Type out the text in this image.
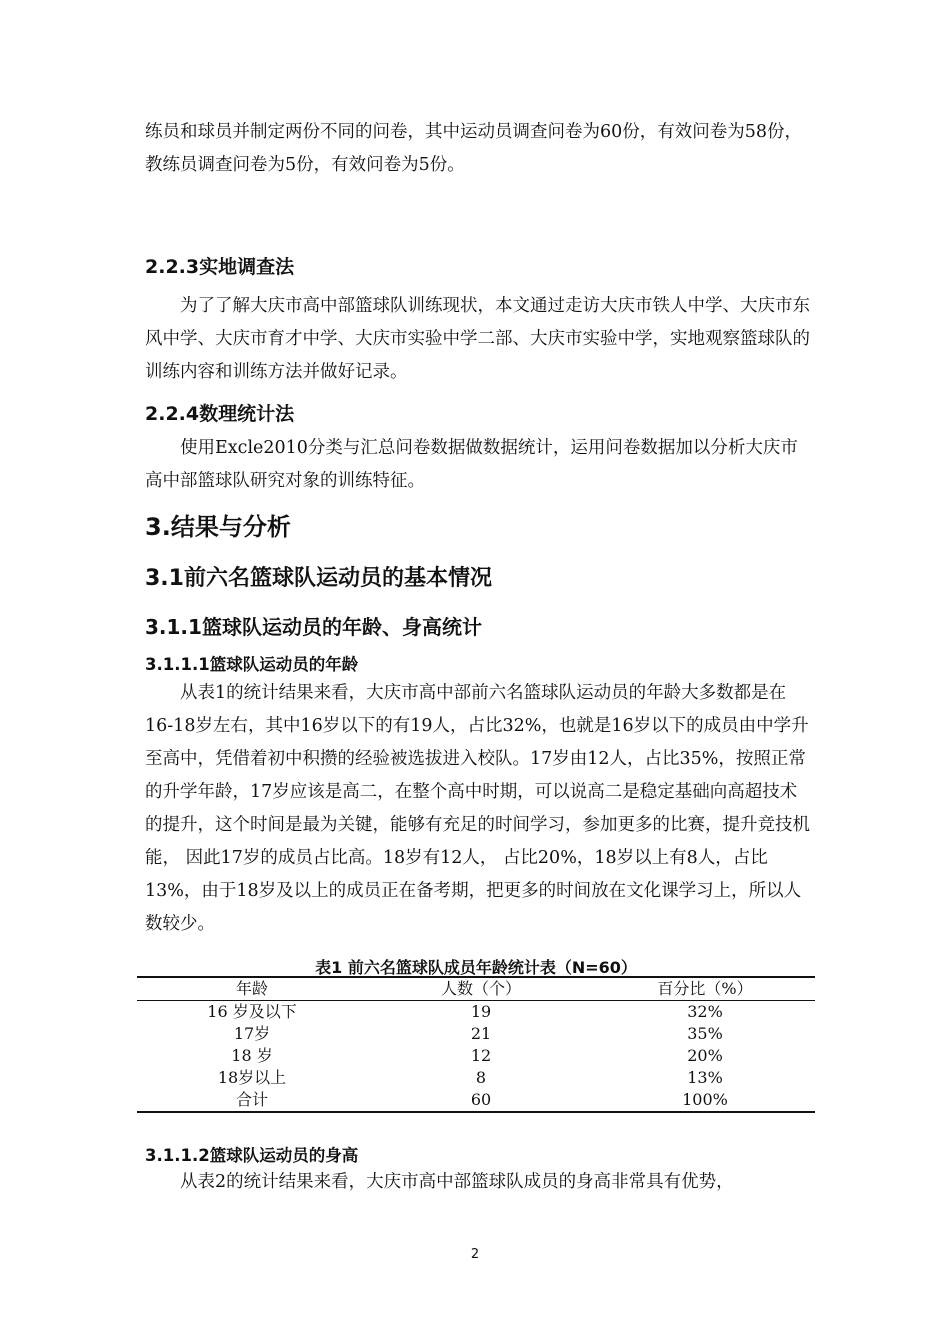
练员和球员并制定两份不同的问卷，其中运动员调查问卷为60份，有效问卷为58份，教练员调查问卷为5份，有效问卷为5份。

2.2.3实地调查法

为了了解大庆市高中部篮球队训练现状，本文通过走访大庆市铁人中学、大庆市东风中学、大庆市育才中学、大庆市实验中学二部、大庆市实验中学，实地观察篮球队的训练内容和训练方法并做好记录。

2.2.4数理统计法

使用Excle2010分类与汇总问卷数据做数据统计，运用问卷数据加以分析大庆市高中部篮球队研究对象的训练特征。

3.结果与分析
3.1前六名篮球队运动员的基本情况
3.1.1篮球队运动员的年龄、身高统计
3.1.1.1篮球队运动员的年龄

从表1的统计结果来看，大庆市高中部前六名篮球队运动员的年龄大多数都是在16-18岁左右，其中16岁以下的有19人，占比32%，也就是16岁以下的成员由中学升至高中，凭借着初中积攒的经验被选拔进入校队。17岁由12人，占比35%，按照正常的升学年龄，17岁应该是高二，在整个高中时期，可以说高二是稳定基础向高超技术的提升，这个时间是最为关键，能够有充足的时间学习，参加更多的比赛，提升竞技机能， 因此17岁的成员占比高。18岁有12人， 占比20%，18岁以上有8人，占比13%，由于18岁及以上的成员正在备考期，把更多的时间放在文化课学习上，所以人数较少。

表1 前六名篮球队成员年龄统计表（N=60）

年龄	人数（个）	百分比（%）
16 岁及以下	19	32%
17岁	21	35%
18 岁	12	20%
18岁以上	8	13%
合计	60	100%
3.1.1.2篮球队运动员的身高

从表2的统计结果来看，大庆市高中部篮球队成员的身高非常具有优势，

2
